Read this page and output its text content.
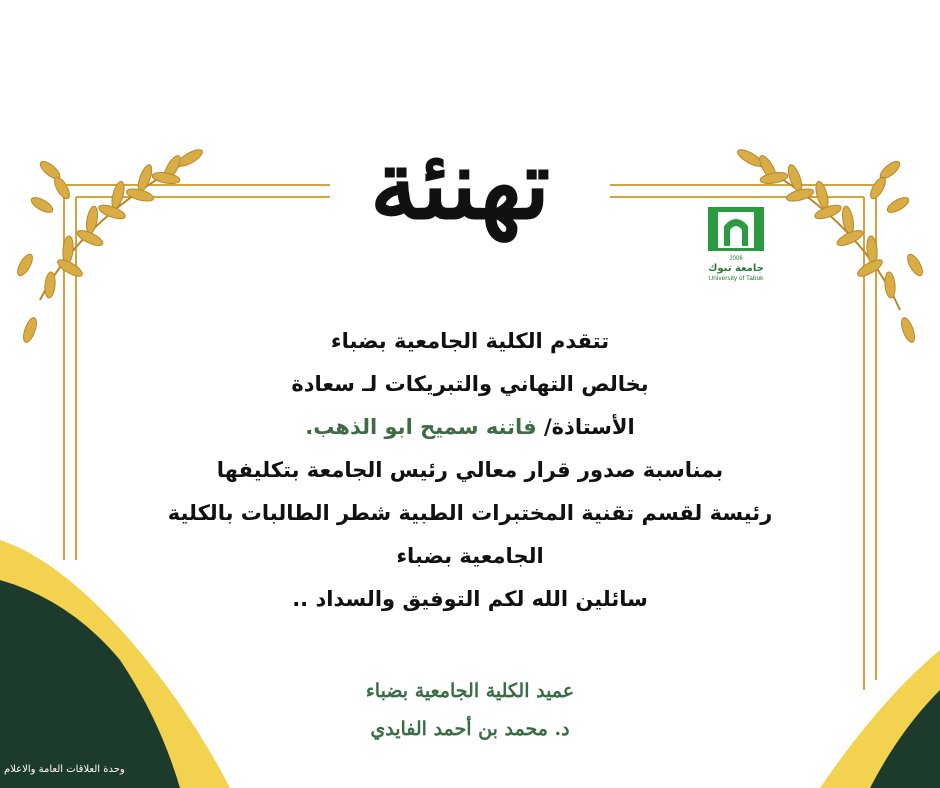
تهنئة
2006
جامعة تبوك
University of Tabuk
تتقدم الكلية الجامعية بضباء
بخالص التهاني والتبريكات لـ سعادة
الأستاذة/ فاتنه سميح ابو الذهب.
بمناسبة صدور قرار معالي رئيس الجامعة بتكليفها
رئيسة لقسم تقنية المختبرات الطبية شطر الطالبات بالكلية
الجامعية بضباء
سائلين الله لكم التوفيق والسداد ..
عميد الكلية الجامعية بضباء
د. محمد بن أحمد الفايدي
وحدة العلاقات العامة والاعلام
